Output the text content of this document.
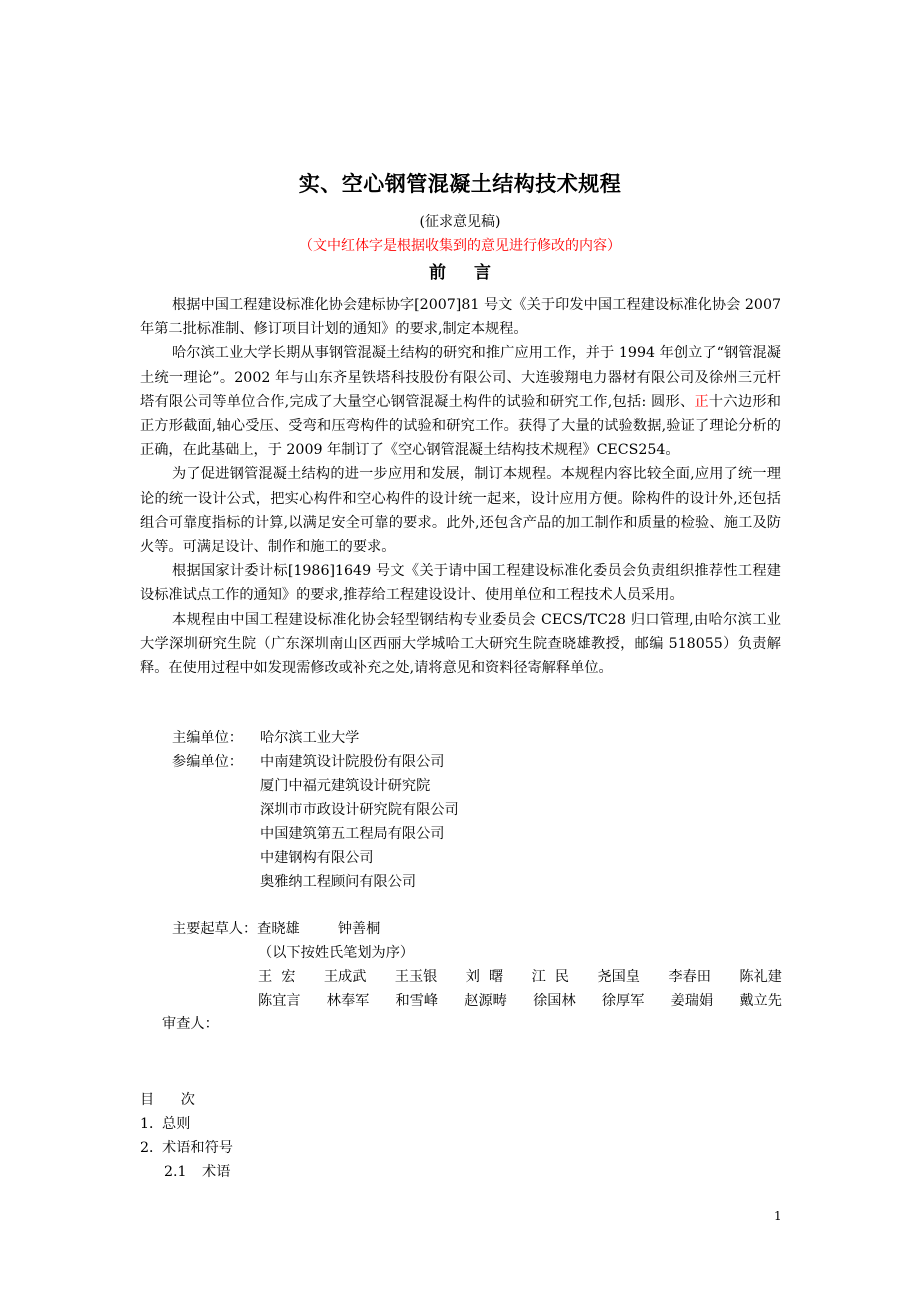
实、空心钢管混凝土结构技术规程
(征求意见稿)
（文中红体字是根据收集到的意见进行修改的内容）
前 言

根据中国工程建设标准化协会建标协字[2007]81 号文《关于印发中国工程建设标准化协会 2007 年第二批标准制、修订项目计划的通知》的要求,制定本规程。

哈尔滨工业大学长期从事钢管混凝土结构的研究和推广应用工作，并于 1994 年创立了“钢管混凝土统一理论”。2002 年与山东齐星铁塔科技股份有限公司、大连骏翔电力器材有限公司及徐州三元杆塔有限公司等单位合作,完成了大量空心钢管混凝土构件的试验和研究工作,包括: 圆形、正十六边形和正方形截面,轴心受压、受弯和压弯构件的试验和研究工作。获得了大量的试验数据,验证了理论分析的正确，在此基础上，于 2009 年制订了《空心钢管混凝土结构技术规程》CECS254。

为了促进钢管混凝土结构的进一步应用和发展，制订本规程。本规程内容比较全面,应用了统一理论的统一设计公式，把实心构件和空心构件的设计统一起来，设计应用方便。除构件的设计外,还包括组合可靠度指标的计算,以满足安全可靠的要求。此外,还包含产品的加工制作和质量的检验、施工及防火等。可满足设计、制作和施工的要求。

根据国家计委计标[1986]1649 号文《关于请中国工程建设标准化委员会负责组织推荐性工程建设标准试点工作的通知》的要求,推荐给工程建设设计、使用单位和工程技术人员采用。

本规程由中国工程建设标准化协会轻型钢结构专业委员会 CECS/TC28 归口管理,由哈尔滨工业大学深圳研究生院（广东深圳南山区西丽大学城哈工大研究生院查晓雄教授，邮编 518055）负责解释。在使用过程中如发现需修改或补充之处,请将意见和资料径寄解释单位。

主编单位：	哈尔滨工业大学
参编单位：	中南建筑设计院股份有限公司
厦门中福元建筑设计研究院
深圳市市政设计研究院有限公司
中国建筑第五工程局有限公司
中建钢构有限公司
奥雅纳工程顾问有限公司
主要起草人：查晓雄	钟善桐
（以下按姓氏笔划为序）
王  宏 王成武 王玉银 刘  曙 江  民 尧国皇 李春田 陈礼建
陈宜言 林奉军 和雪峰 赵源畴 徐国林 徐厚军 姜瑞娟 戴立先
审查人：
目 次
1．总则
2．术语和符号
2.1 术语
1
